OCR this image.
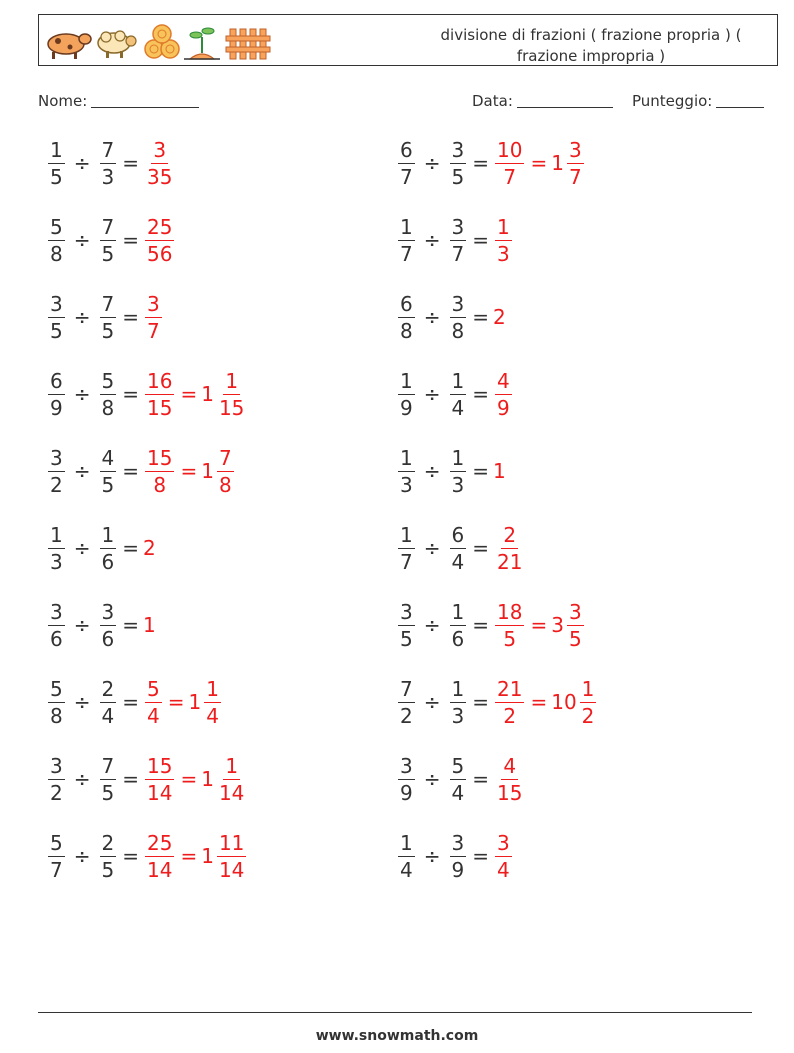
divisione di frazioni ( frazione propria ) ( frazione impropria )
Nome:	Data:	Punteggio:
$\frac{1}{5} \div \frac{7}{3} = \frac{3}{35}$	$\frac{6}{7} \div \frac{3}{5} = \frac{10}{7} = 1 \frac{3}{7}$
$\frac{5}{8} \div \frac{7}{5} = \frac{25}{56}$	$\frac{1}{7} \div \frac{3}{7} = \frac{1}{3}$
$\frac{3}{5} \div \frac{7}{5} = \frac{3}{7}$	$\frac{6}{8} \div \frac{3}{8} = 2$
$\frac{6}{9} \div \frac{5}{8} = \frac{16}{15} = 1 \frac{1}{15}$	$\frac{1}{9} \div \frac{1}{4} = \frac{4}{9}$
$\frac{3}{2} \div \frac{4}{5} = \frac{15}{8} = 1 \frac{7}{8}$	$\frac{1}{3} \div \frac{1}{3} = 1$
$\frac{1}{3} \div \frac{1}{6} = 2$	$\frac{1}{7} \div \frac{6}{4} = \frac{2}{21}$
$\frac{3}{6} \div \frac{3}{6} = 1$	$\frac{3}{5} \div \frac{1}{6} = \frac{18}{5} = 3 \frac{3}{5}$
$\frac{5}{8} \div \frac{2}{4} = \frac{5}{4} = 1 \frac{1}{4}$	$\frac{7}{2} \div \frac{1}{3} = \frac{21}{2} = 10 \frac{1}{2}$
$\frac{3}{2} \div \frac{7}{5} = \frac{15}{14} = 1 \frac{1}{14}$	$\frac{3}{9} \div \frac{5}{4} = \frac{4}{15}$
$\frac{5}{7} \div \frac{2}{5} = \frac{25}{14} = 1 \frac{11}{14}$	$\frac{1}{4} \div \frac{3}{9} = \frac{3}{4}$
www.snowmath.com
